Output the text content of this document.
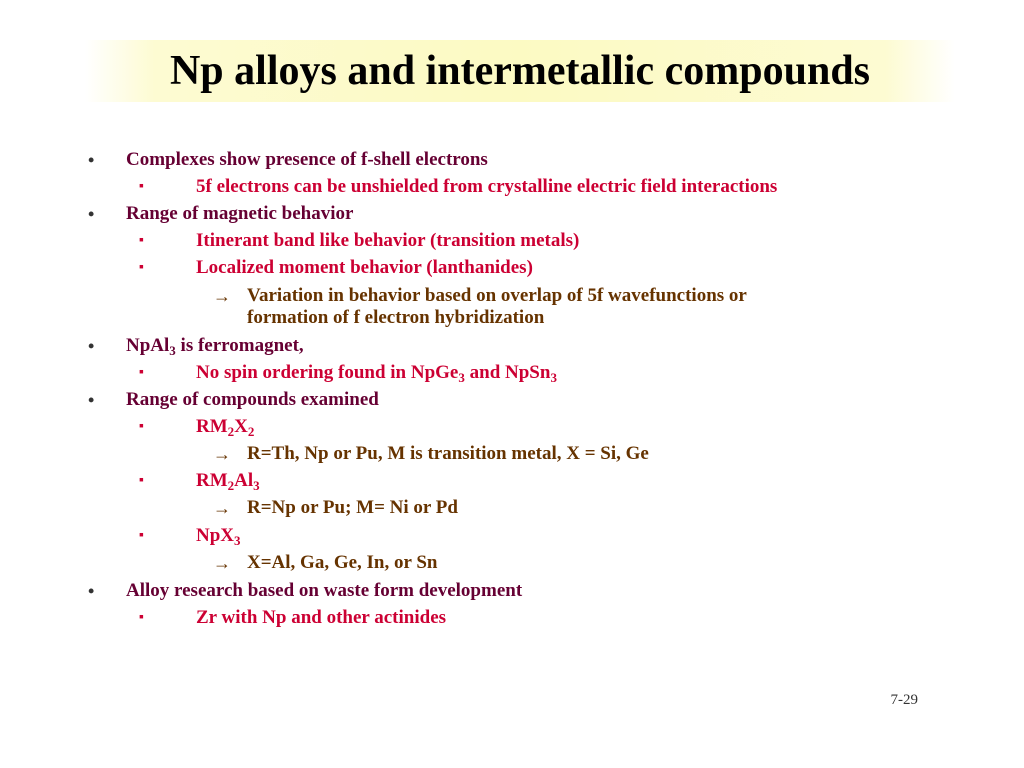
Np alloys and intermetallic compounds
• Complexes show presence of f-shell electrons
▪	5f electrons can be unshielded from crystalline electric field interactions
• Range of magnetic behavior
▪	Itinerant band like behavior (transition metals)
▪	Localized moment behavior (lanthanides)
→ Variation in behavior based on overlap of 5f wavefunctions or
formation of f electron hybridization
• NpAl$_3$ is ferromagnet,
▪	No spin ordering found in NpGe$_3$ and NpSn$_3$
• Range of compounds examined
▪	$RM_2X_2$
→ R=Th, Np or Pu, M is transition metal, X = Si, Ge
▪	$RM_2Al_3$
→ R=Np or Pu; M= Ni or Pd
▪	NpX$_3$
→ X=Al, Ga, Ge, In, or Sn
• Alloy research based on waste form development
▪	Zr with Np and other actinides
7-29
